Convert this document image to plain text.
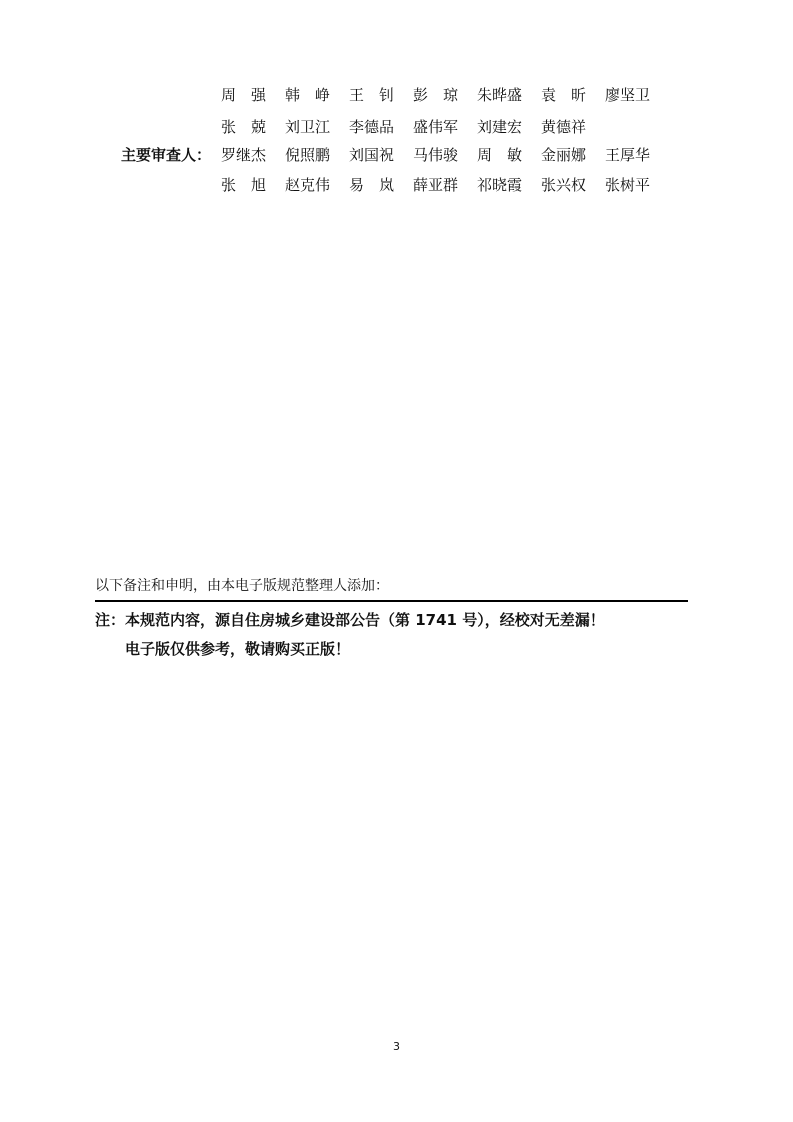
周　强	韩　峥	王　钊	彭　琼	朱晔盛	袁　昕	廖坚卫
张　兢	刘卫江	李德品	盛伟军	刘建宏	黄德祥
主要审查人： 罗继杰	倪照鹏	刘国祝	马伟骏	周　敏	金丽娜	王厚华
张　旭	赵克伟	易　岚	薛亚群	祁晓霞	张兴权	张树平
以下备注和申明，由本电子版规范整理人添加：
注：本规范内容，源自住房城乡建设部公告（第 1741 号），经校对无差漏！
电子版仅供参考，敬请购买正版！
3
